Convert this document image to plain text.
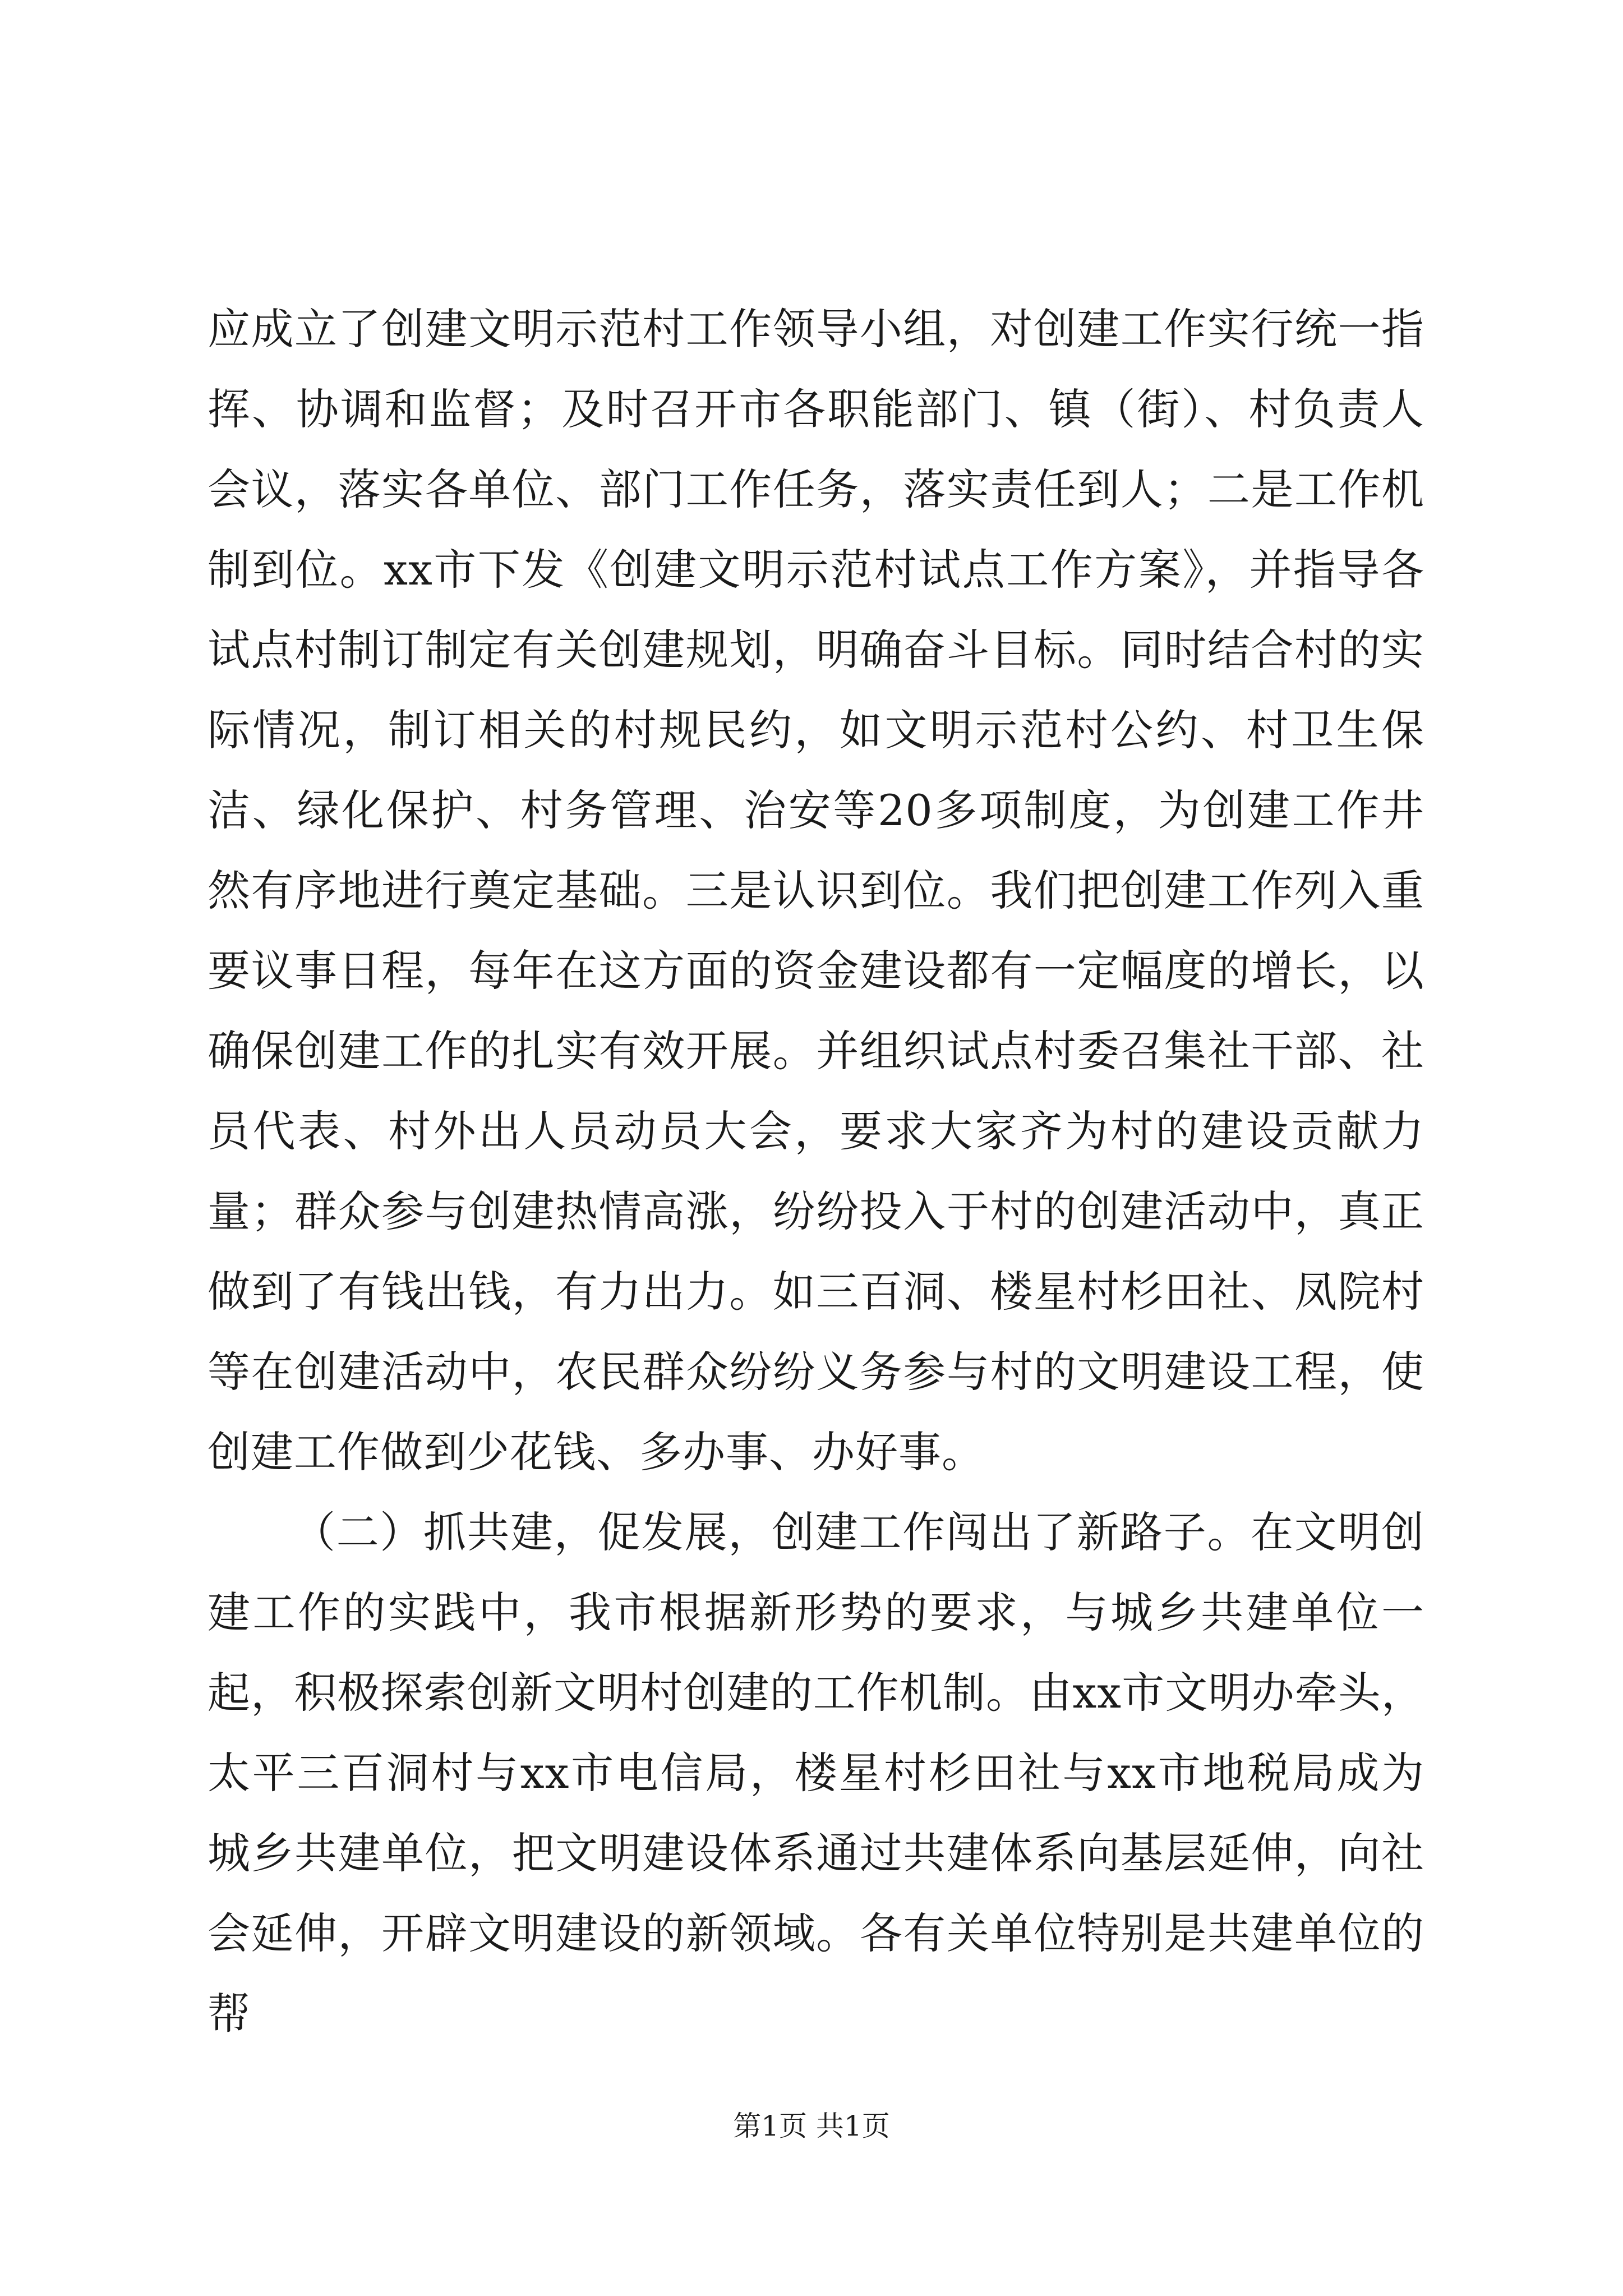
应成立了创建文明示范村工作领导小组，对创建工作实行统一指挥、协调和监督；及时召开市各职能部门、镇（街）、村负责人会议，落实各单位、部门工作任务，落实责任到人；二是工作机制到位。xx市下发《创建文明示范村试点工作方案》，并指导各试点村制订制定有关创建规划，明确奋斗目标。同时结合村的实际情况，制订相关的村规民约，如文明示范村公约、村卫生保洁、绿化保护、村务管理、治安等20多项制度，为创建工作井然有序地进行奠定基础。三是认识到位。我们把创建工作列入重要议事日程，每年在这方面的资金建设都有一定幅度的增长，以确保创建工作的扎实有效开展。并组织试点村委召集社干部、社员代表、村外出人员动员大会，要求大家齐为村的建设贡献力量；群众参与创建热情高涨，纷纷投入于村的创建活动中，真正做到了有钱出钱，有力出力。如三百洞、楼星村杉田社、凤院村等在创建活动中，农民群众纷纷义务参与村的文明建设工程，使创建工作做到少花钱、多办事、办好事。

（二）抓共建，促发展，创建工作闯出了新路子。在文明创建工作的实践中，我市根据新形势的要求，与城乡共建单位一起，积极探索创新文明村创建的工作机制。由xx市文明办牵头，太平三百洞村与xx市电信局，楼星村杉田社与xx市地税局成为城乡共建单位，把文明建设体系通过共建体系向基层延伸，向社会延伸，开辟文明建设的新领域。各有关单位特别是共建单位的帮

第1页 共1页
